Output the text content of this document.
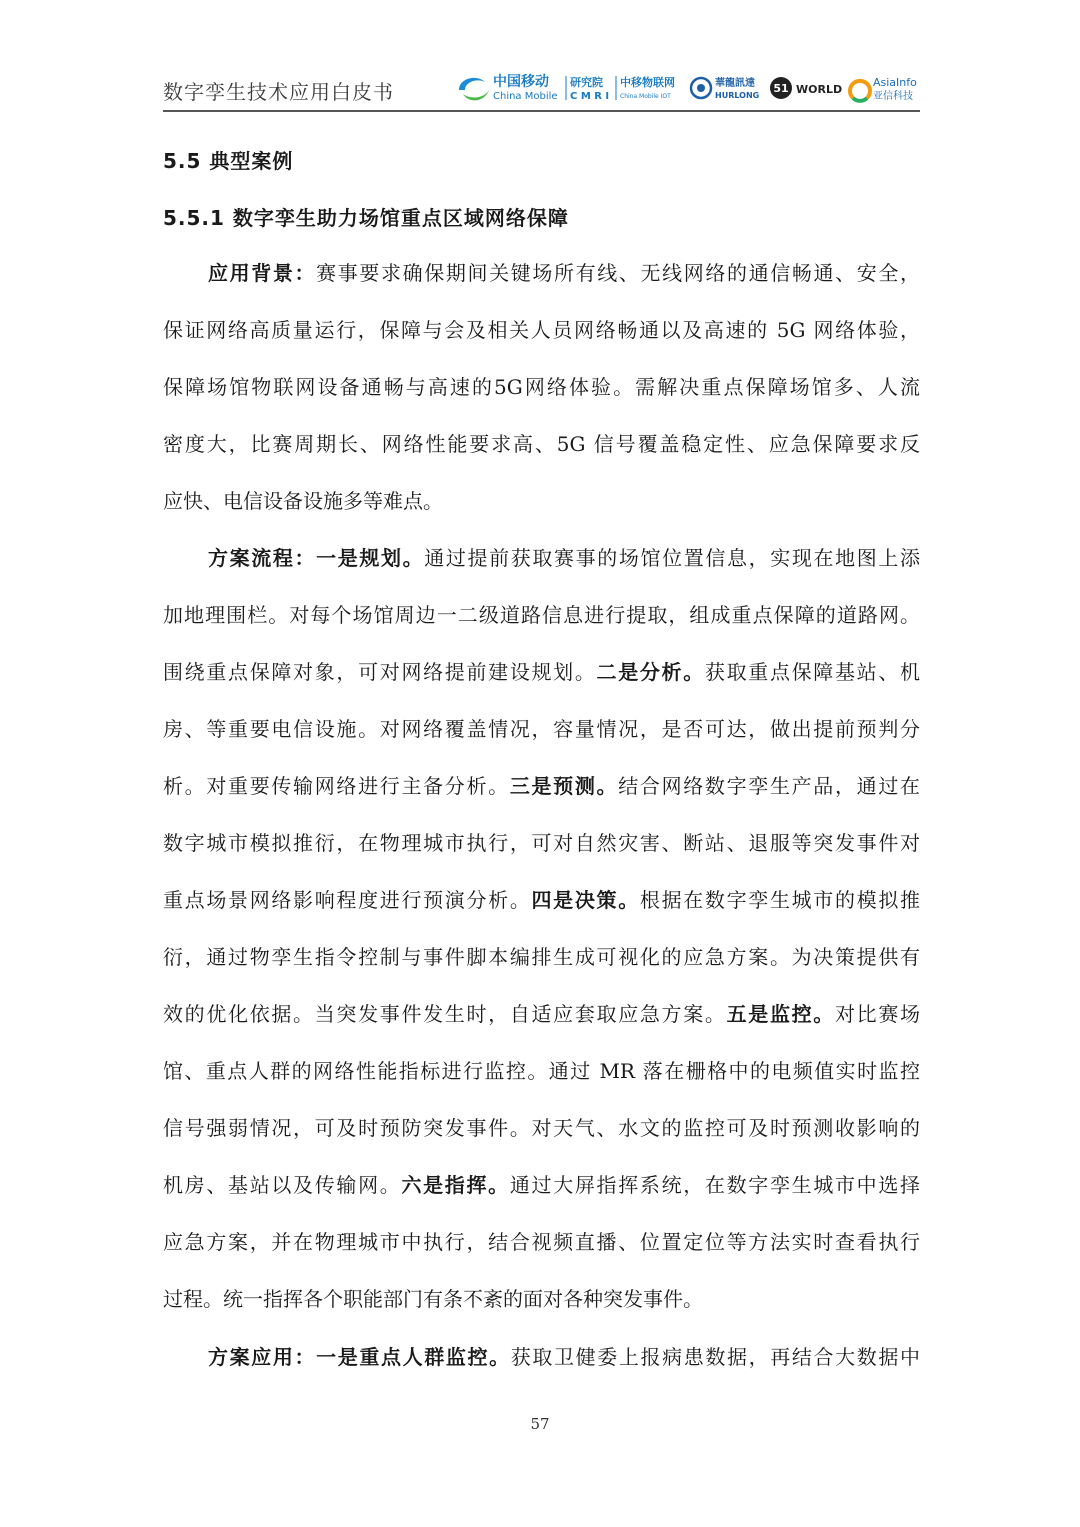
数字孪生技术应用白皮书	中国移动
China Mobile
研究院
C M R I
中移物联网
China Mobile IOT
華龍訊達
HURLONG
51 WORLD
AsiaInfo
亚信科技
5.5 典型案例
5.5.1 数字孪生助力场馆重点区域网络保障
应用背景：赛事要求确保期间关键场所有线、无线网络的通信畅通、安全，
保证网络高质量运行，保障与会及相关人员网络畅通以及高速的 5G 网络体验，
保障场馆物联网设备通畅与高速的5G网络体验。需解决重点保障场馆多、人流
密度大，比赛周期长、网络性能要求高、5G 信号覆盖稳定性、应急保障要求反
应快、电信设备设施多等难点。
方案流程：一是规划。通过提前获取赛事的场馆位置信息，实现在地图上添
加地理围栏。对每个场馆周边一二级道路信息进行提取，组成重点保障的道路网。
围绕重点保障对象，可对网络提前建设规划。二是分析。获取重点保障基站、机
房、等重要电信设施。对网络覆盖情况，容量情况，是否可达，做出提前预判分
析。对重要传输网络进行主备分析。三是预测。结合网络数字孪生产品，通过在
数字城市模拟推衍，在物理城市执行，可对自然灾害、断站、退服等突发事件对
重点场景网络影响程度进行预演分析。四是决策。根据在数字孪生城市的模拟推
衍，通过物孪生指令控制与事件脚本编排生成可视化的应急方案。为决策提供有
效的优化依据。当突发事件发生时，自适应套取应急方案。五是监控。对比赛场
馆、重点人群的网络性能指标进行监控。通过 MR 落在栅格中的电频值实时监控
信号强弱情况，可及时预防突发事件。对天气、水文的监控可及时预测收影响的
机房、基站以及传输网。六是指挥。通过大屏指挥系统，在数字孪生城市中选择
应急方案，并在物理城市中执行，结合视频直播、位置定位等方法实时查看执行
过程。统一指挥各个职能部门有条不紊的面对各种突发事件。
方案应用：一是重点人群监控。获取卫健委上报病患数据，再结合大数据中
57
